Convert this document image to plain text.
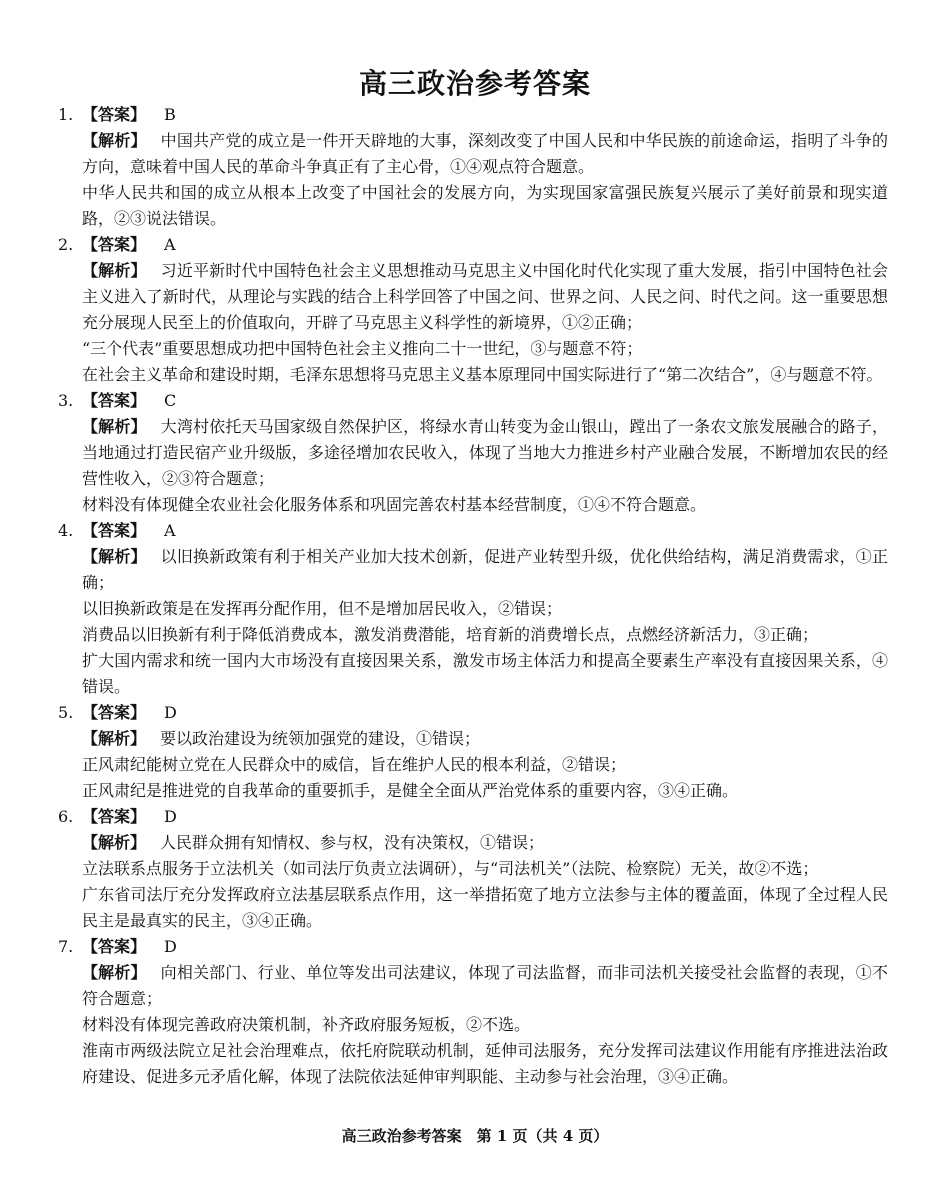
高三政治参考答案
1. 【答案】 B

【解析】 中国共产党的成立是一件开天辟地的大事，深刻改变了中国人民和中华民族的前途命运，指明了斗争的方向，意味着中国人民的革命斗争真正有了主心骨，①④观点符合题意。

中华人民共和国的成立从根本上改变了中国社会的发展方向，为实现国家富强民族复兴展示了美好前景和现实道路，②③说法错误。

2. 【答案】 A

【解析】 习近平新时代中国特色社会主义思想推动马克思主义中国化时代化实现了重大发展，指引中国特色社会主义进入了新时代，从理论与实践的结合上科学回答了中国之问、世界之问、人民之问、时代之问。这一重要思想充分展现人民至上的价值取向，开辟了马克思主义科学性的新境界，①②正确；

“三个代表”重要思想成功把中国特色社会主义推向二十一世纪，③与题意不符；

在社会主义革命和建设时期，毛泽东思想将马克思主义基本原理同中国实际进行了“第二次结合”，④与题意不符。

3. 【答案】 C

【解析】 大湾村依托天马国家级自然保护区，将绿水青山转变为金山银山，蹚出了一条农文旅发展融合的路子，当地通过打造民宿产业升级版，多途径增加农民收入，体现了当地大力推进乡村产业融合发展，不断增加农民的经营性收入，②③符合题意；

材料没有体现健全农业社会化服务体系和巩固完善农村基本经营制度，①④不符合题意。

4. 【答案】 A

【解析】 以旧换新政策有利于相关产业加大技术创新，促进产业转型升级，优化供给结构，满足消费需求，①正确；

以旧换新政策是在发挥再分配作用，但不是增加居民收入，②错误；

消费品以旧换新有利于降低消费成本，激发消费潜能，培育新的消费增长点，点燃经济新活力，③正确；

扩大国内需求和统一国内大市场没有直接因果关系，激发市场主体活力和提高全要素生产率没有直接因果关系，④错误。

5. 【答案】 D

【解析】 要以政治建设为统领加强党的建设，①错误；

正风肃纪能树立党在人民群众中的威信，旨在维护人民的根本利益，②错误；

正风肃纪是推进党的自我革命的重要抓手，是健全全面从严治党体系的重要内容，③④正确。

6. 【答案】 D

【解析】 人民群众拥有知情权、参与权，没有决策权，①错误；

立法联系点服务于立法机关（如司法厅负责立法调研），与“司法机关”（法院、检察院）无关，故②不选；

广东省司法厅充分发挥政府立法基层联系点作用，这一举措拓宽了地方立法参与主体的覆盖面，体现了全过程人民民主是最真实的民主，③④正确。

7. 【答案】 D

【解析】 向相关部门、行业、单位等发出司法建议，体现了司法监督，而非司法机关接受社会监督的表现，①不符合题意；

材料没有体现完善政府决策机制，补齐政府服务短板，②不选。

淮南市两级法院立足社会治理难点，依托府院联动机制，延伸司法服务，充分发挥司法建议作用能有序推进法治政府建设、促进多元矛盾化解，体现了法院依法延伸审判职能、主动参与社会治理，③④正确。

高三政治参考答案　第 1 页（共 4 页）
